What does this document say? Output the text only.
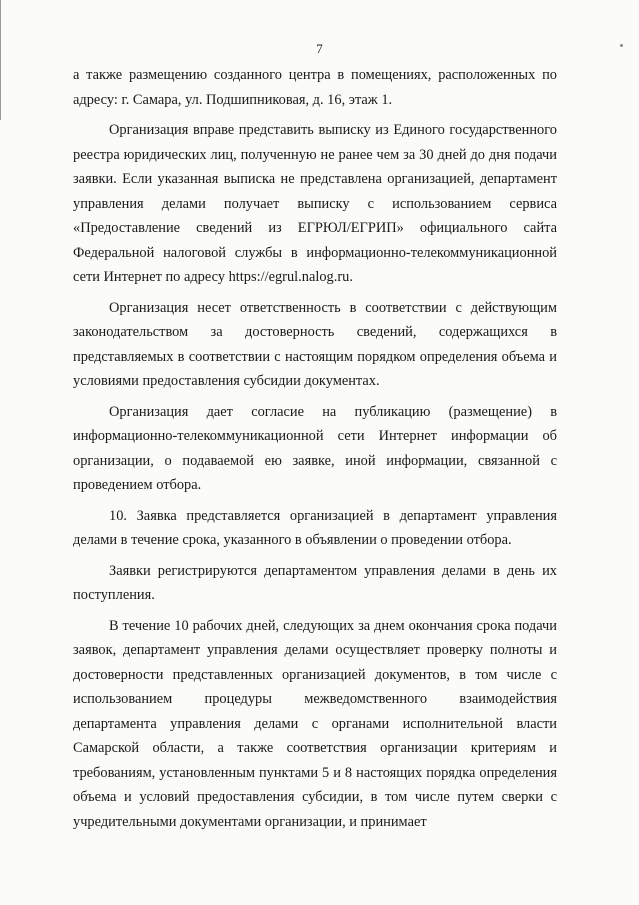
7

а также размещению созданного центра в помещениях, расположенных по адресу: г. Самара, ул. Подшипниковая, д. 16, этаж 1.

Организация вправе представить выписку из Единого государственного реестра юридических лиц, полученную не ранее чем за 30 дней до дня подачи заявки. Если указанная выписка не представлена организацией, департамент управления делами получает выписку с использованием сервиса «Предоставление сведений из ЕГРЮЛ/ЕГРИП» официального сайта Федеральной налоговой службы в информационно-телекоммуникационной сети Интернет по адресу https://egrul.nalog.ru.

Организация несет ответственность в соответствии с действующим законодательством за достоверность сведений, содержащихся в представляемых в соответствии с настоящим порядком определения объема и условиями предоставления субсидии документах.

Организация дает согласие на публикацию (размещение) в информационно-телекоммуникационной сети Интернет информации об организации, о подаваемой ею заявке, иной информации, связанной с проведением отбора.

10. Заявка представляется организацией в департамент управления делами в течение срока, указанного в объявлении о проведении отбора.

Заявки регистрируются департаментом управления делами в день их поступления.

В течение 10 рабочих дней, следующих за днем окончания срока подачи заявок, департамент управления делами осуществляет проверку полноты и достоверности представленных организацией документов, в том числе с использованием процедуры межведомственного взаимодействия департамента управления делами с органами исполнительной власти Самарской области, а также соответствия организации критериям и требованиям, установленным пунктами 5 и 8 настоящих порядка определения объема и условий предоставления субсидии, в том числе путем сверки с учредительными документами организации, и принимает
